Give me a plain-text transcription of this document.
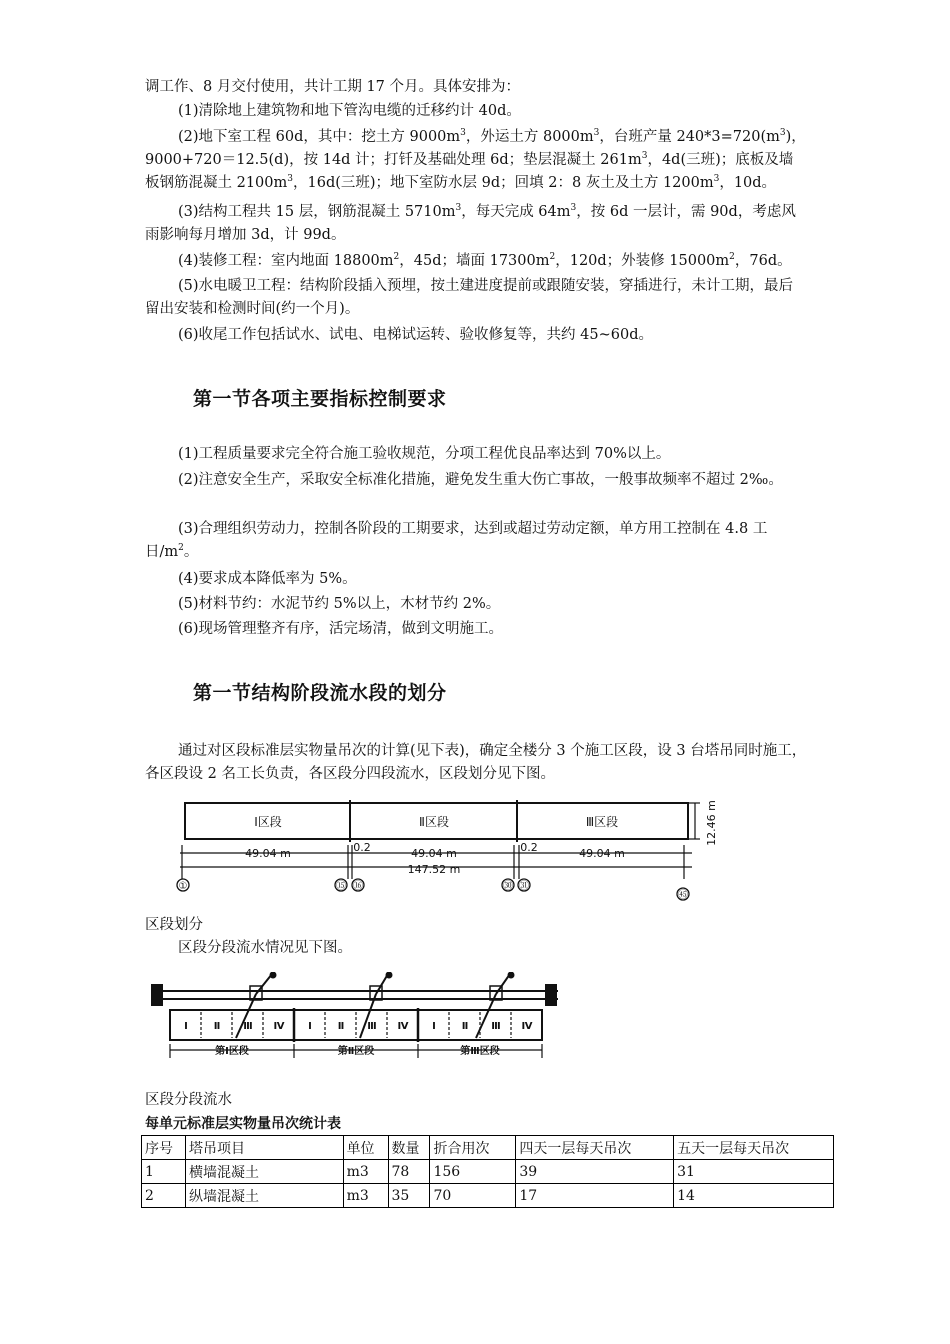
调工作、8 月交付使用，共计工期 17 个月。具体安排为：

(1)清除地上建筑物和地下管沟电缆的迁移约计 40d。

(2)地下室工程 60d，其中：挖土方 $9000m^3$，外运土方 $8000m^3$，台班产量 $240*3=720(m^3)$，9000+720＝12.5(d)，按 14d 计；打钎及基础处理 6d；垫层混凝土 $261m^3$，4d(三班)；底板及墙板钢筋混凝土 $2100m^3$，16d(三班)；地下室防水层 9d；回填 2：8 灰土及土方 $1200m^3$，10d。

(3)结构工程共 15 层，钢筋混凝土 $5710m^3$，每天完成 $64m^3$，按 6d 一层计，需 90d，考虑风雨影响每月增加 3d，计 99d。

(4)装修工程：室内地面 $18800m^2$，45d；墙面 $17300m^2$，120d；外装修 $15000m^2$，76d。

(5)水电暖卫工程：结构阶段插入预埋，按土建进度提前或跟随安装，穿插进行，未计工期，最后留出安装和检测时间(约一个月)。

(6)收尾工作包括试水、试电、电梯试运转、验收修复等，共约 45~60d。

第一节各项主要指标控制要求

(1)工程质量要求完全符合施工验收规范，分项工程优良品率达到 70%以上。

(2)注意安全生产，采取安全标准化措施，避免发生重大伤亡事故，一般事故频率不超过 2‰。

(3)合理组织劳动力，控制各阶段的工期要求，达到或超过劳动定额，单方用工控制在 4.8 工日$/m^2$。

(4)要求成本降低率为 5%。

(5)材料节约：水泥节约 5%以上，木材节约 2%。

(6)现场管理整齐有序，活完场清，做到文明施工。

第一节结构阶段流水段的划分

通过对区段标准层实物量吊次的计算(见下表)，确定全楼分 3 个施工区段，设 3 台塔吊同时施工，各区段设 2 名工长负责，各区段分四段流水，区段划分见下图。

Ⅰ区段	Ⅱ区段	Ⅲ区段
49.04 m	49.04 m	49.04 m
0.2	0.2
147.52 m
①	⑮ ⑯	㉚ ㉛
㊺
12.46 m

区段划分

区段分段流水情况见下图。

Ⅰ	Ⅱ Ⅲ Ⅳ Ⅰ	Ⅱ Ⅲ Ⅳ Ⅰ	Ⅱ Ⅲ Ⅳ
第Ⅰ区段	第Ⅱ区段	第Ⅲ区段

区段分段流水

每单元标准层实物量吊次统计表

序号	塔吊项目	单位	数量	折合用次	四天一层每天吊次	五天一层每天吊次
1	横墙混凝土	m3	78	156	39	31
2	纵墙混凝土	m3	35	70	17	14
